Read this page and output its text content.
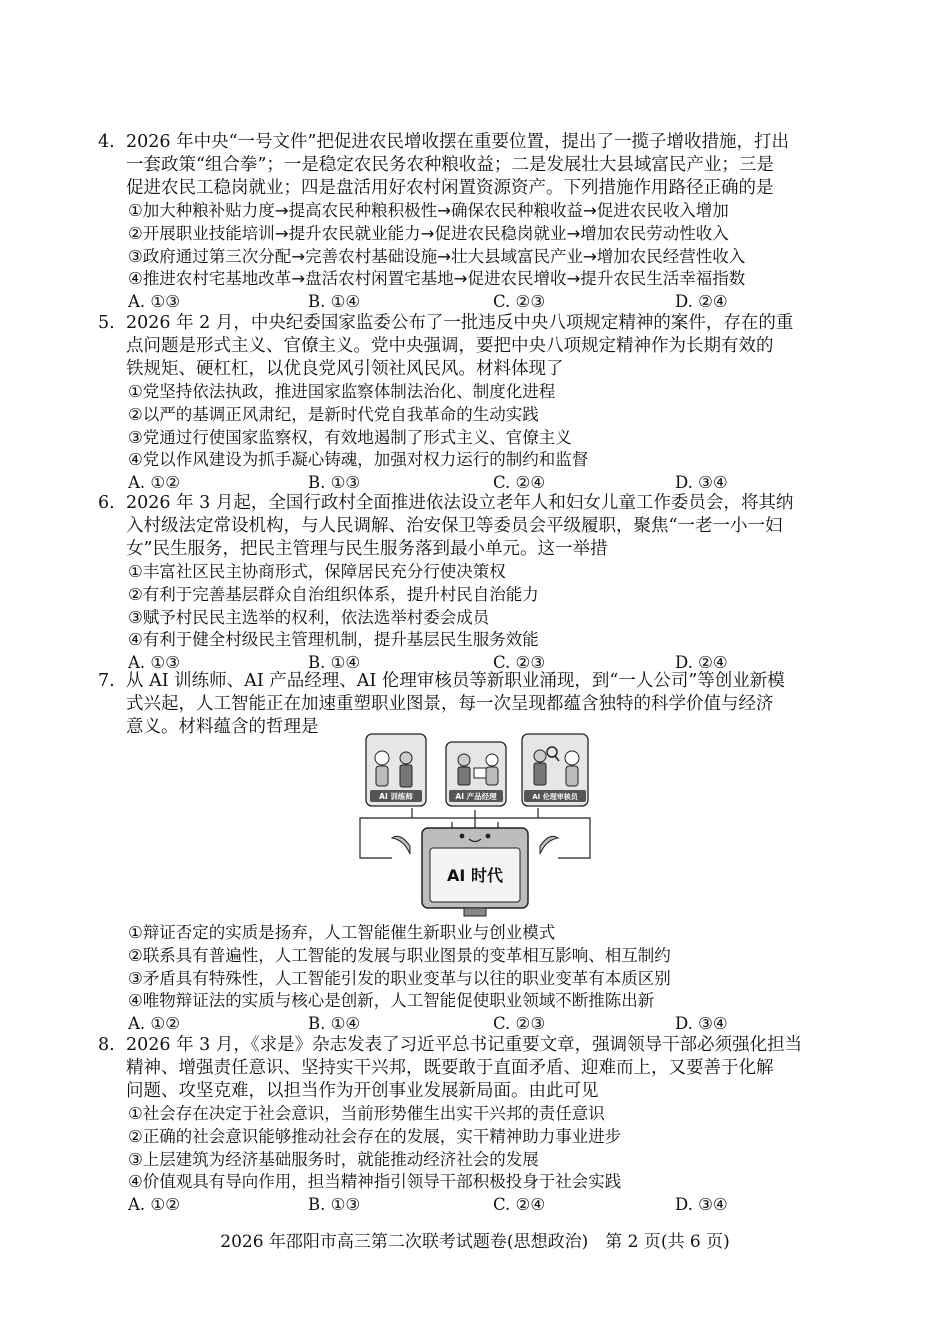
4. 2026 年中央“一号文件”把促进农民增收摆在重要位置，提出了一揽子增收措施，打出
一套政策“组合拳”；一是稳定农民务农种粮收益；二是发展壮大县域富民产业；三是
促进农民工稳岗就业；四是盘活用好农村闲置资源资产。下列措施作用路径正确的是
①加大种粮补贴力度→提高农民种粮积极性→确保农民种粮收益→促进农民收入增加
②开展职业技能培训→提升农民就业能力→促进农民稳岗就业→增加农民劳动性收入
③政府通过第三次分配→完善农村基础设施→壮大县域富民产业→增加农民经营性收入
④推进农村宅基地改革→盘活农村闲置宅基地→促进农民增收→提升农民生活幸福指数
A. ①③	B. ①④	C. ②③	D. ②④
5. 2026 年 2 月，中央纪委国家监委公布了一批违反中央八项规定精神的案件，存在的重
点问题是形式主义、官僚主义。党中央强调，要把中央八项规定精神作为长期有效的
铁规矩、硬杠杠，以优良党风引领社风民风。材料体现了
①党坚持依法执政，推进国家监察体制法治化、制度化进程
②以严的基调正风肃纪，是新时代党自我革命的生动实践
③党通过行使国家监察权，有效地遏制了形式主义、官僚主义
④党以作风建设为抓手凝心铸魂，加强对权力运行的制约和监督
A. ①②	B. ①③	C. ②④	D. ③④
6. 2026 年 3 月起，全国行政村全面推进依法设立老年人和妇女儿童工作委员会，将其纳
入村级法定常设机构，与人民调解、治安保卫等委员会平级履职，聚焦“一老一小一妇
女”民生服务，把民主管理与民生服务落到最小单元。这一举措
①丰富社区民主协商形式，保障居民充分行使决策权
②有利于完善基层群众自治组织体系，提升村民自治能力
③赋予村民民主选举的权利，依法选举村委会成员
④有利于健全村级民主管理机制，提升基层民生服务效能
A. ①③	B. ①④	C. ②③	D. ②④
7. 从 AI 训练师、AI 产品经理、AI 伦理审核员等新职业涌现，到“一人公司”等创业新模
式兴起，人工智能正在加速重塑职业图景，每一次呈现都蕴含独特的科学价值与经济
意义。材料蕴含的哲理是
AI 训练师	AI 产品经理	AI 伦理审核员
AI 时代
①辩证否定的实质是扬弃，人工智能催生新职业与创业模式
②联系具有普遍性，人工智能的发展与职业图景的变革相互影响、相互制约
③矛盾具有特殊性，人工智能引发的职业变革与以往的职业变革有本质区别
④唯物辩证法的实质与核心是创新，人工智能促使职业领域不断推陈出新
A. ①②	B. ①④	C. ②③	D. ③④
8. 2026 年 3 月，《求是》杂志发表了习近平总书记重要文章，强调领导干部必须强化担当
精神、增强责任意识、坚持实干兴邦，既要敢于直面矛盾、迎难而上，又要善于化解
问题、攻坚克难，以担当作为开创事业发展新局面。由此可见
①社会存在决定于社会意识，当前形势催生出实干兴邦的责任意识
②正确的社会意识能够推动社会存在的发展，实干精神助力事业进步
③上层建筑为经济基础服务时，就能推动经济社会的发展
④价值观具有导向作用，担当精神指引领导干部积极投身于社会实践
A. ①②	B. ①③	C. ②④	D. ③④
2026 年邵阳市高三第二次联考试题卷(思想政治)　第 2 页(共 6 页)
